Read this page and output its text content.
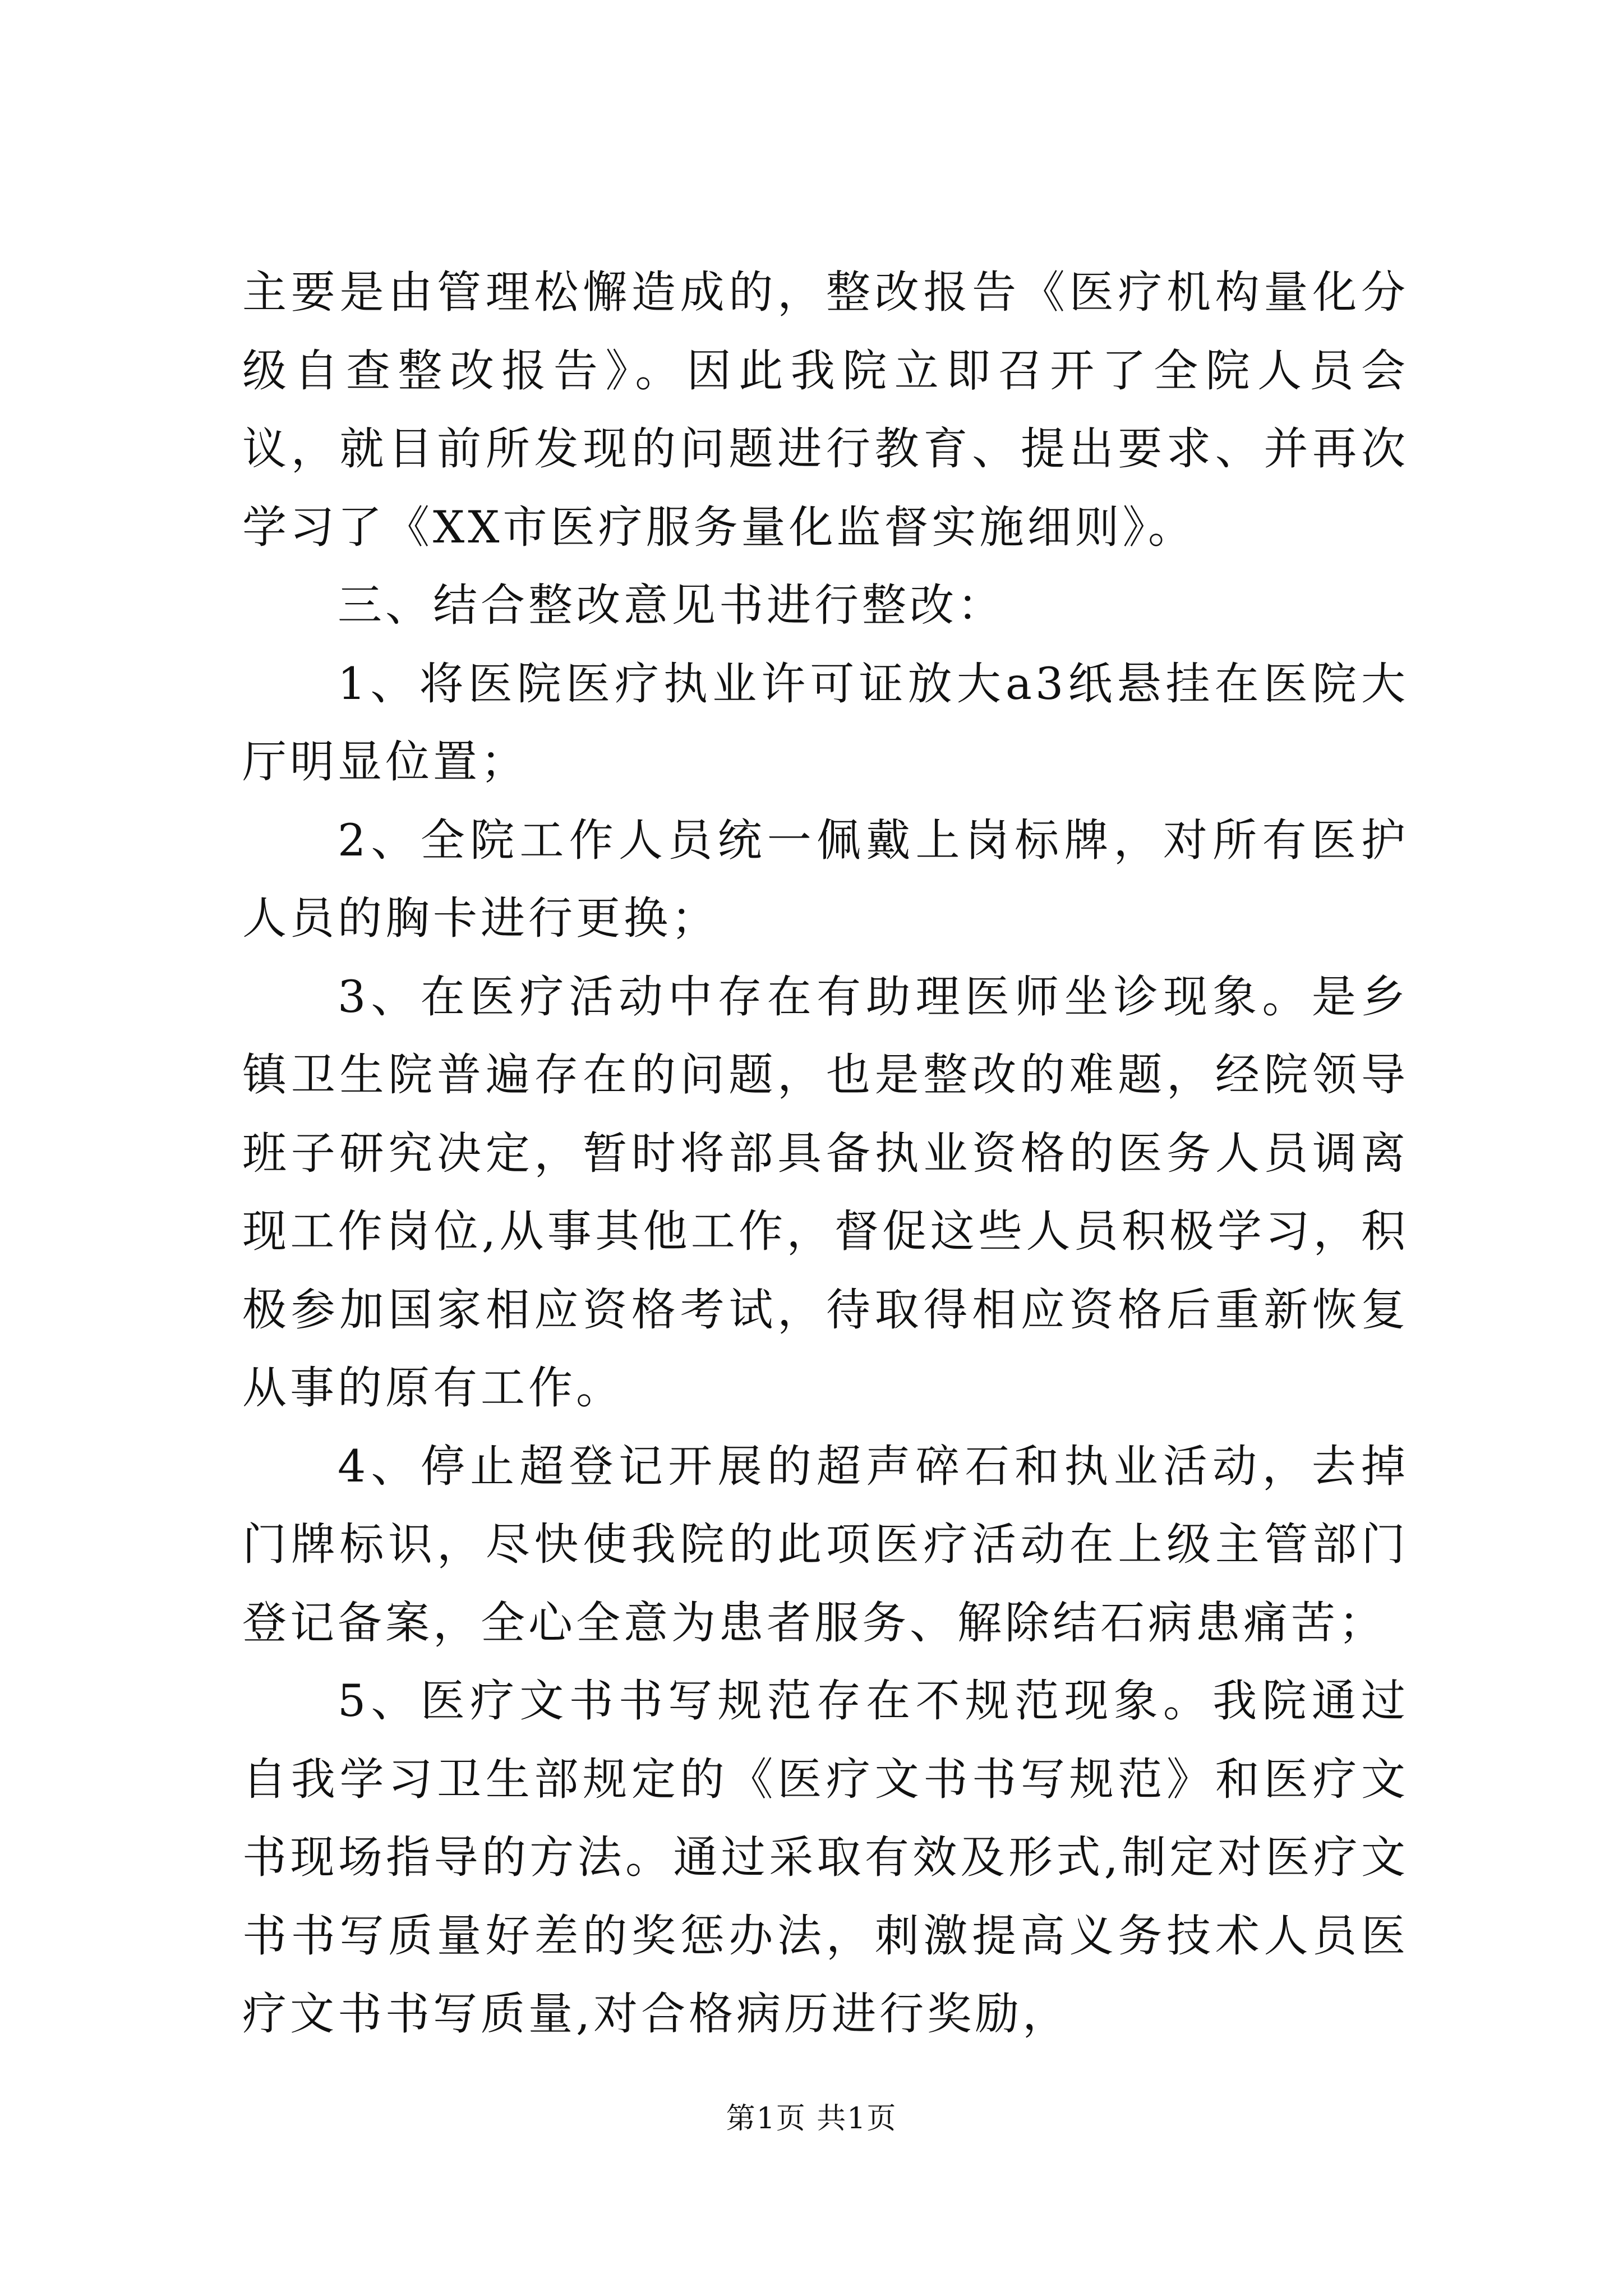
主要是由管理松懈造成的，整改报告《医疗机构量化分级自查整改报告》。因此我院立即召开了全院人员会议，就目前所发现的问题进行教育、提出要求、并再次学习了《XX市医疗服务量化监督实施细则》。

三、结合整改意见书进行整改：

1、将医院医疗执业许可证放大a3纸悬挂在医院大厅明显位置；

2、全院工作人员统一佩戴上岗标牌，对所有医护人员的胸卡进行更换；

3、在医疗活动中存在有助理医师坐诊现象。是乡镇卫生院普遍存在的问题，也是整改的难题，经院领导班子研究决定，暂时将部具备执业资格的医务人员调离现工作岗位,从事其他工作，督促这些人员积极学习，积极参加国家相应资格考试，待取得相应资格后重新恢复从事的原有工作。

4、停止超登记开展的超声碎石和执业活动，去掉门牌标识，尽快使我院的此项医疗活动在上级主管部门登记备案，全心全意为患者服务、解除结石病患痛苦；

5、医疗文书书写规范存在不规范现象。我院通过自我学习卫生部规定的《医疗文书书写规范》和医疗文书现场指导的方法。通过采取有效及形式,制定对医疗文书书写质量好差的奖惩办法，刺激提高义务技术人员医疗文书书写质量,对合格病历进行奖励，

第1页 共1页
